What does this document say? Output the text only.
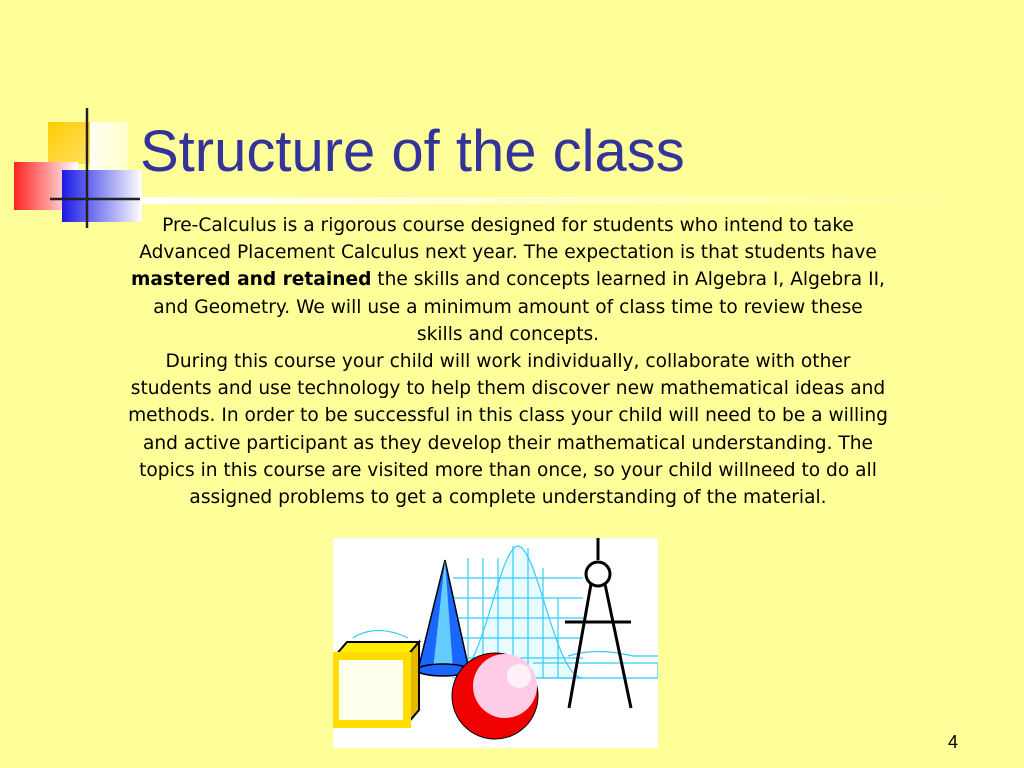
Structure of the class

Pre-Calculus is a rigorous course designed for students who intend to take Advanced Placement Calculus next year. The expectation is that students have mastered and retained the skills and concepts learned in Algebra I, Algebra II, and Geometry. We will use a minimum amount of class time to review these skills and concepts.

During this course your child will work individually, collaborate with other students and use technology to help them discover new mathematical ideas and methods. In order to be successful in this class your child will need to be a willing and active participant as they develop their mathematical understanding. The topics in this course are visited more than once, so your child willneed to do all assigned problems to get a complete understanding of the material.

4
